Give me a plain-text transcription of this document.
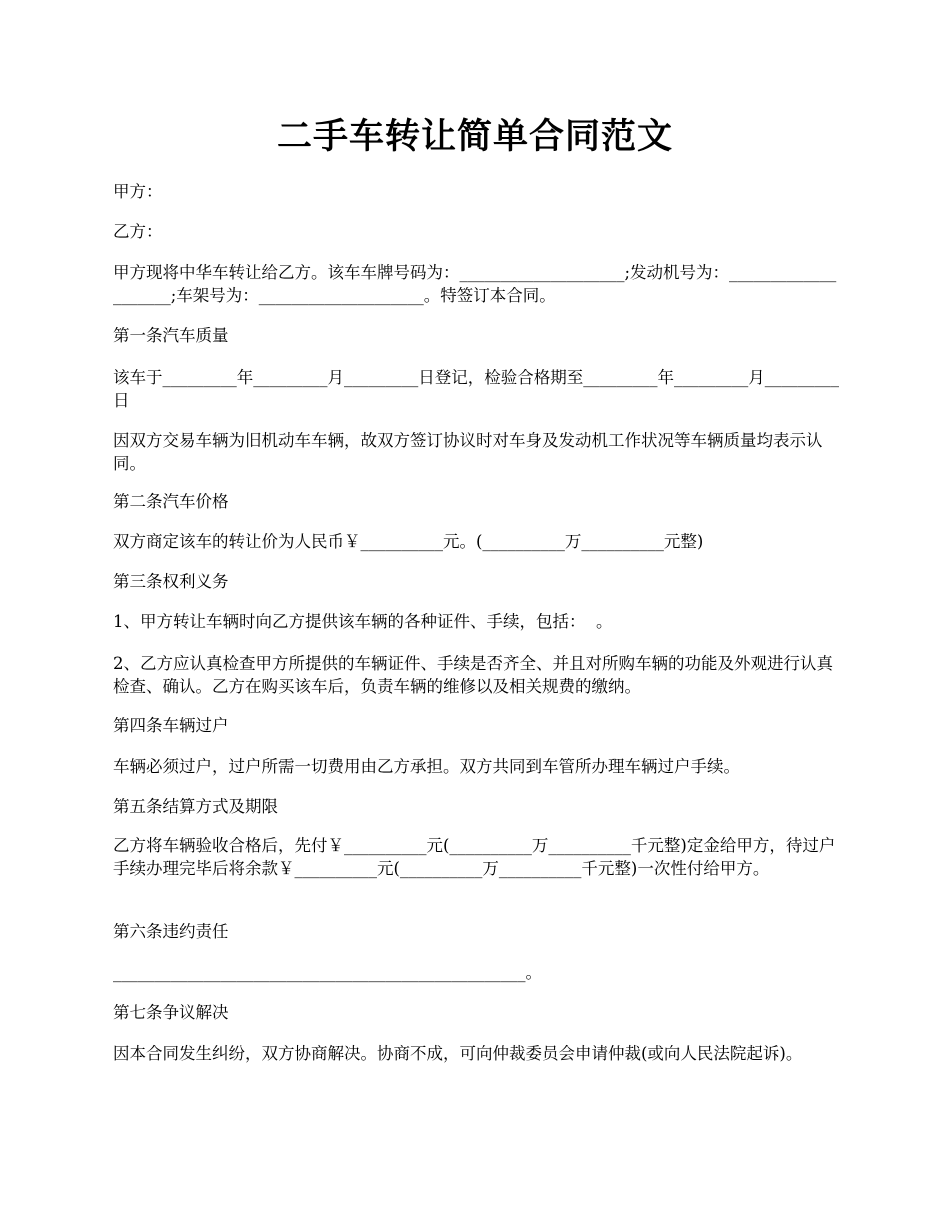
二手车转让简单合同范文
甲方：
乙方：
甲方现将中华车转让给乙方。该车车牌号码为：____________________;发动机号为：____________________;车架号为：____________________。特签订本合同。
第一条汽车质量
该车于_________年_________月_________日登记，检验合格期至_________年_________月_________日
因双方交易车辆为旧机动车车辆，故双方签订协议时对车身及发动机工作状况等车辆质量均表示认同。
第二条汽车价格
双方商定该车的转让价为人民币￥__________元。(__________万__________元整)
第三条权利义务
1、甲方转让车辆时向乙方提供该车辆的各种证件、手续，包括：  。
2、乙方应认真检查甲方所提供的车辆证件、手续是否齐全、并且对所购车辆的功能及外观进行认真检查、确认。乙方在购买该车后，负责车辆的维修以及相关规费的缴纳。
第四条车辆过户
车辆必须过户，过户所需一切费用由乙方承担。双方共同到车管所办理车辆过户手续。
第五条结算方式及期限
乙方将车辆验收合格后，先付￥__________元(__________万__________千元整)定金给甲方，待过户手续办理完毕后将余款￥__________元(__________万__________千元整)一次性付给甲方。
第六条违约责任
__________________________________________________。
第七条争议解决
因本合同发生纠纷，双方协商解决。协商不成，可向仲裁委员会申请仲裁(或向人民法院起诉)。
